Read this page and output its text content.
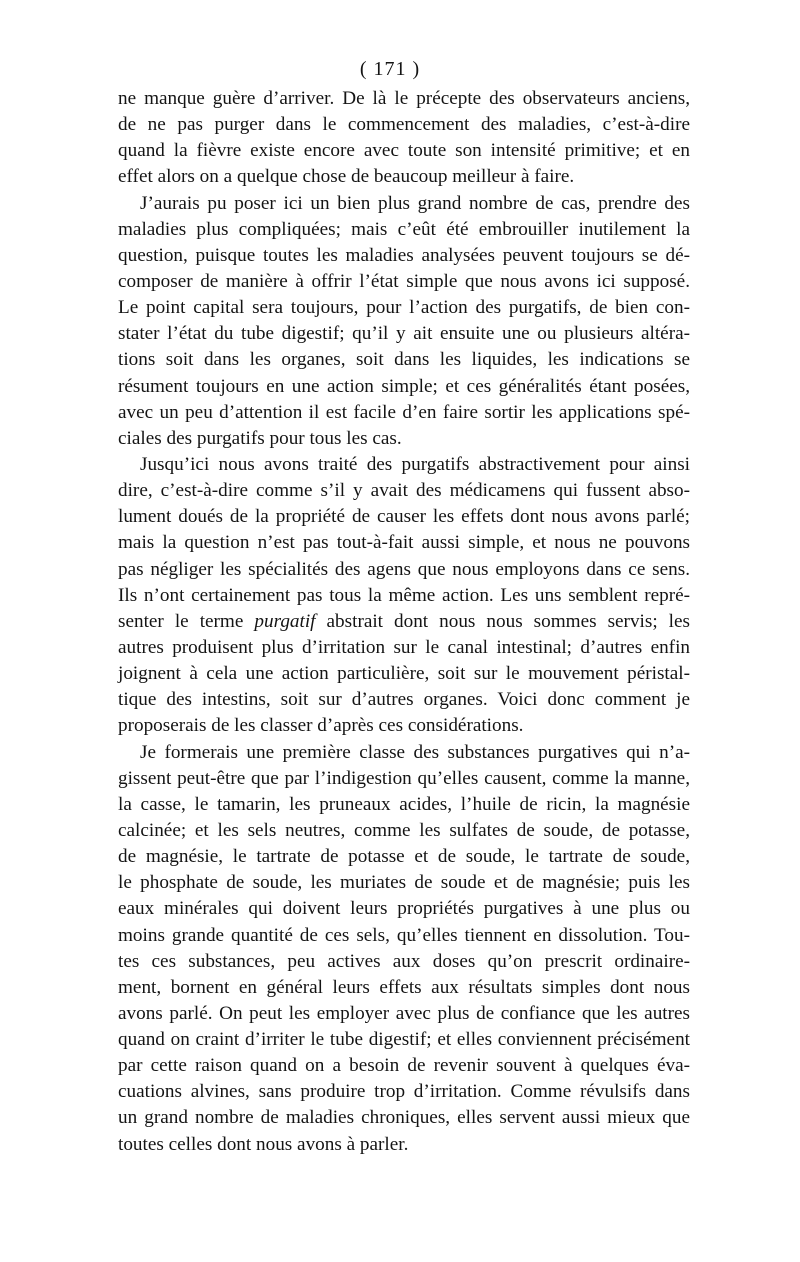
( 171 )
ne manque guère d’arriver. De là le précepte des observateurs anciens,
de ne pas purger dans le commencement des maladies, c’est-à-dire
quand la fièvre existe encore avec toute son intensité primitive; et en
effet alors on a quelque chose de beaucoup meilleur à faire.
J’aurais pu poser ici un bien plus grand nombre de cas, prendre des
maladies plus compliquées; mais c’eût été embrouiller inutilement la
question, puisque toutes les maladies analysées peuvent toujours se dé-
composer de manière à offrir l’état simple que nous avons ici supposé.
Le point capital sera toujours, pour l’action des purgatifs, de bien con-
stater l’état du tube digestif; qu’il y ait ensuite une ou plusieurs altéra-
tions soit dans les organes, soit dans les liquides, les indications se
résument toujours en une action simple; et ces généralités étant posées,
avec un peu d’attention il est facile d’en faire sortir les applications spé-
ciales des purgatifs pour tous les cas.
Jusqu’ici nous avons traité des purgatifs abstractivement pour ainsi
dire, c’est-à-dire comme s’il y avait des médicamens qui fussent abso-
lument doués de la propriété de causer les effets dont nous avons parlé;
mais la question n’est pas tout-à-fait aussi simple, et nous ne pouvons
pas négliger les spécialités des agens que nous employons dans ce sens.
Ils n’ont certainement pas tous la même action. Les uns semblent repré-
senter le terme purgatif abstrait dont nous nous sommes servis; les
autres produisent plus d’irritation sur le canal intestinal; d’autres enfin
joignent à cela une action particulière, soit sur le mouvement péristal-
tique des intestins, soit sur d’autres organes. Voici donc comment je
proposerais de les classer d’après ces considérations.
Je formerais une première classe des substances purgatives qui n’a-
gissent peut-être que par l’indigestion qu’elles causent, comme la manne,
la casse, le tamarin, les pruneaux acides, l’huile de ricin, la magnésie
calcinée; et les sels neutres, comme les sulfates de soude, de potasse,
de magnésie, le tartrate de potasse et de soude, le tartrate de soude,
le phosphate de soude, les muriates de soude et de magnésie; puis les
eaux minérales qui doivent leurs propriétés purgatives à une plus ou
moins grande quantité de ces sels, qu’elles tiennent en dissolution. Tou-
tes ces substances, peu actives aux doses qu’on prescrit ordinaire-
ment, bornent en général leurs effets aux résultats simples dont nous
avons parlé. On peut les employer avec plus de confiance que les autres
quand on craint d’irriter le tube digestif; et elles conviennent précisément
par cette raison quand on a besoin de revenir souvent à quelques éva-
cuations alvines, sans produire trop d’irritation. Comme révulsifs dans
un grand nombre de maladies chroniques, elles servent aussi mieux que
toutes celles dont nous avons à parler.
